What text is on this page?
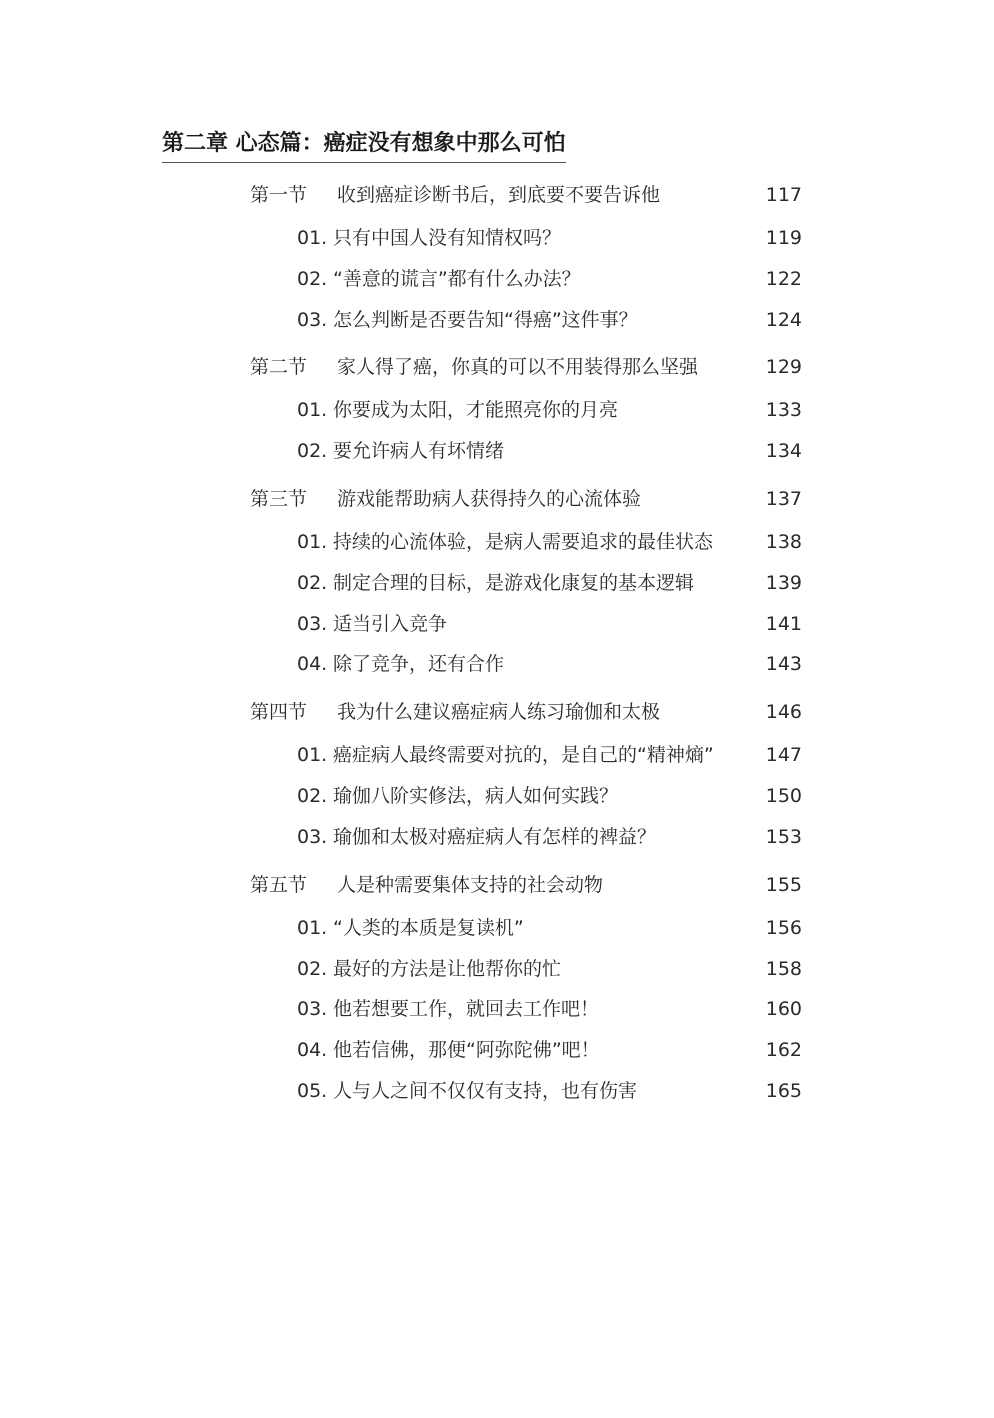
第二章 心态篇：癌症没有想象中那么可怕
第一节 收到癌症诊断书后，到底要不要告诉他	117
01. 只有中国人没有知情权吗？	119
02. “善意的谎言”都有什么办法？	122
03. 怎么判断是否要告知“得癌”这件事？	124
第二节 家人得了癌，你真的可以不用装得那么坚强	129
01. 你要成为太阳，才能照亮你的月亮	133
02. 要允许病人有坏情绪	134
第三节 游戏能帮助病人获得持久的心流体验	137
01. 持续的心流体验，是病人需要追求的最佳状态	138
02. 制定合理的目标，是游戏化康复的基本逻辑	139
03. 适当引入竞争	141
04. 除了竞争，还有合作	143
第四节 我为什么建议癌症病人练习瑜伽和太极	146
01. 癌症病人最终需要对抗的，是自己的“精神熵”	147
02. 瑜伽八阶实修法，病人如何实践？	150
03. 瑜伽和太极对癌症病人有怎样的裨益？	153
第五节 人是种需要集体支持的社会动物	155
01. “人类的本质是复读机”	156
02. 最好的方法是让他帮你的忙	158
03. 他若想要工作，就回去工作吧！	160
04. 他若信佛，那便“阿弥陀佛”吧！	162
05. 人与人之间不仅仅有支持，也有伤害	165
